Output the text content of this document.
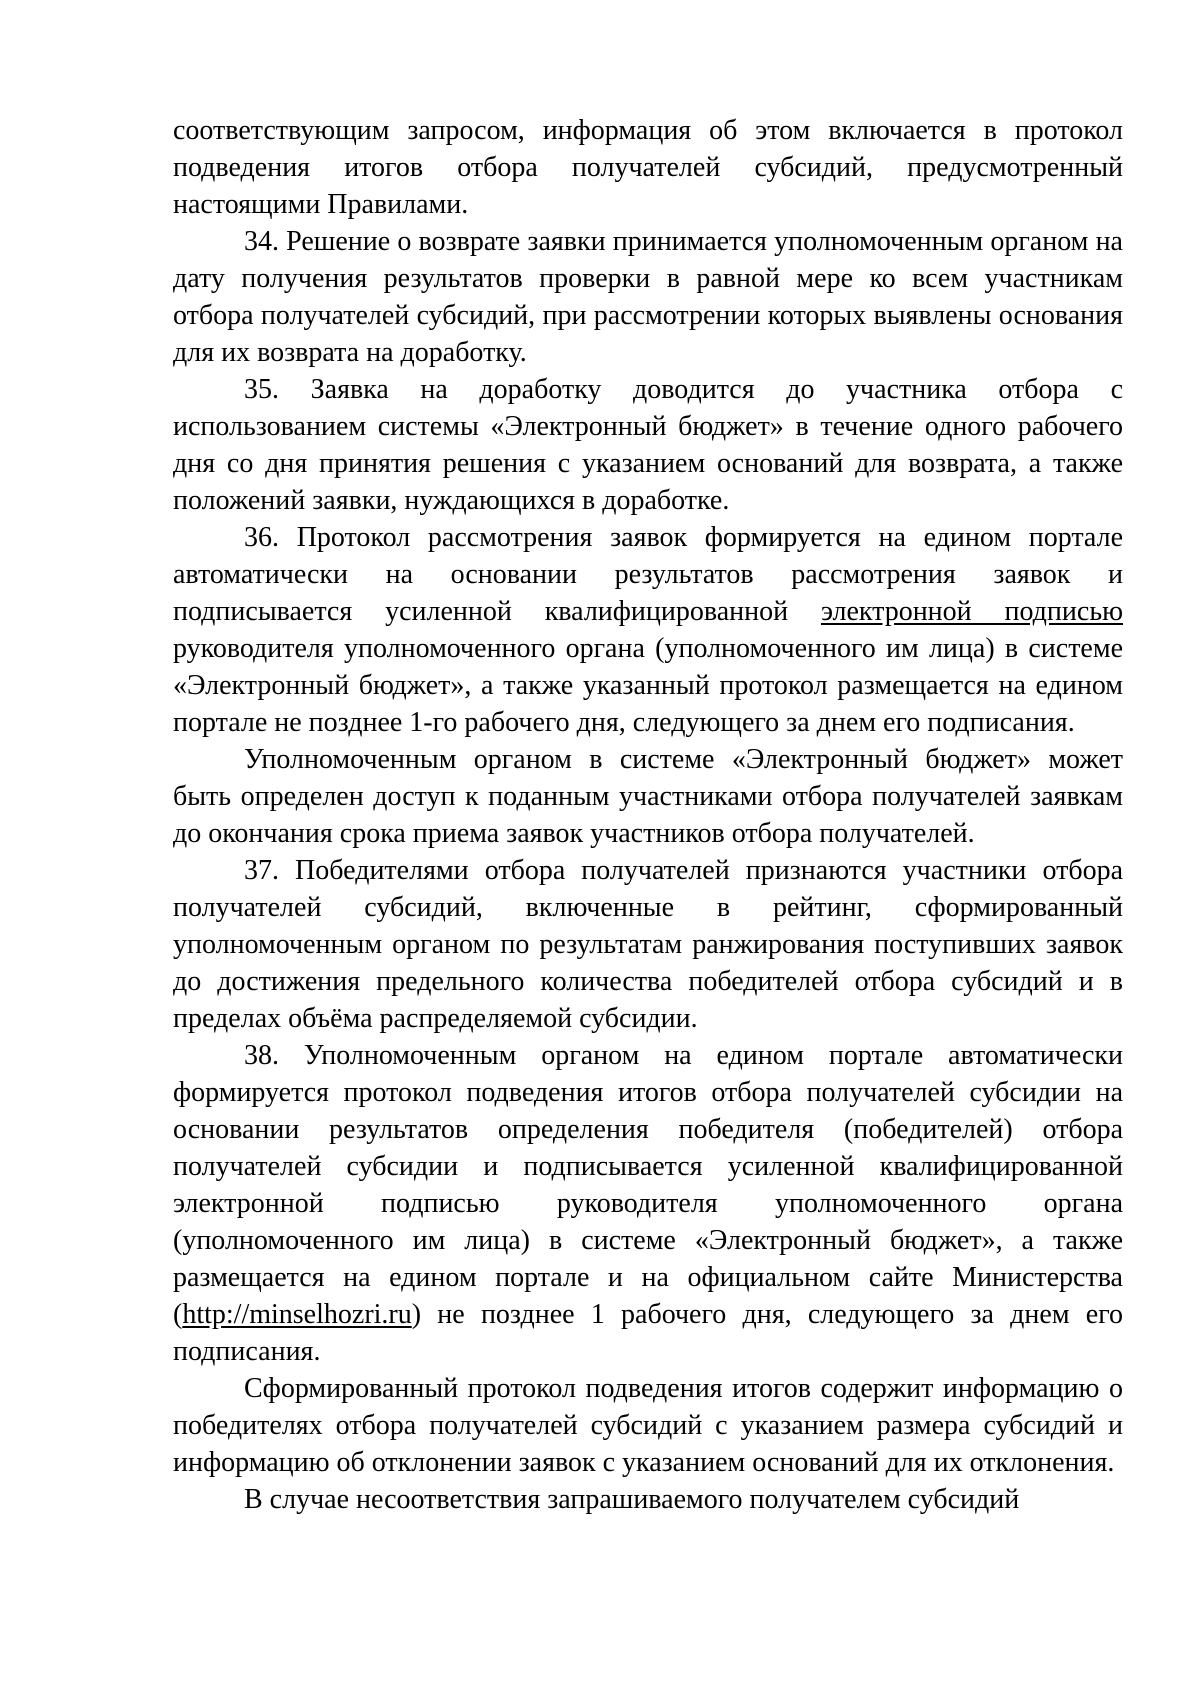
соответствующим запросом, информация об этом включается в протокол подведения итогов отбора получателей субсидий, предусмотренный настоящими Правилами.

34. Решение о возврате заявки принимается уполномоченным органом на дату получения результатов проверки в равной мере ко всем участникам отбора получателей субсидий, при рассмотрении которых выявлены основания для их возврата на доработку.

35. Заявка на доработку доводится до участника отбора с использованием системы «Электронный бюджет» в течение одного рабочего дня со дня принятия решения с указанием оснований для возврата, а также положений заявки, нуждающихся в доработке.

36. Протокол рассмотрения заявок формируется на едином портале автоматически на основании результатов рассмотрения заявок и подписывается усиленной квалифицированной электронной подписью руководителя уполномоченного органа (уполномоченного им лица) в системе «Электронный бюджет», а также указанный протокол размещается на едином портале не позднее 1-го рабочего дня, следующего за днем его подписания.

Уполномоченным органом в системе «Электронный бюджет» может быть определен доступ к поданным участниками отбора получателей заявкам до окончания срока приема заявок участников отбора получателей.

37. Победителями отбора получателей признаются участники отбора получателей субсидий, включенные в рейтинг, сформированный уполномоченным органом по результатам ранжирования поступивших заявок до достижения предельного количества победителей отбора субсидий и в пределах объёма распределяемой субсидии.

38. Уполномоченным органом на едином портале автоматически формируется протокол подведения итогов отбора получателей субсидии на основании результатов определения победителя (победителей) отбора получателей субсидии и подписывается усиленной квалифицированной электронной подписью руководителя уполномоченного органа (уполномоченного им лица) в системе «Электронный бюджет», а также размещается на едином портале и на официальном сайте Министерства (http://minselhozri.ru) не позднее 1 рабочего дня, следующего за днем его подписания.

Сформированный протокол подведения итогов содержит информацию о победителях отбора получателей субсидий с указанием размера субсидий и информацию об отклонении заявок с указанием оснований для их отклонения.

В случае несоответствия запрашиваемого получателем субсидий
